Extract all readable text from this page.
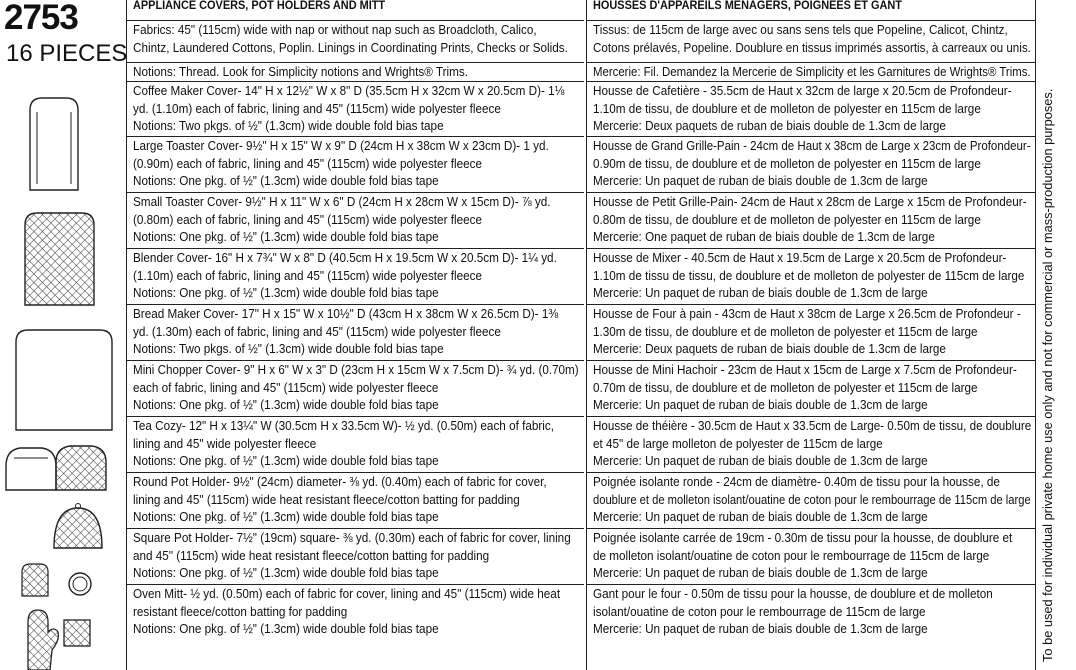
2753
16 PIECES
APPLIANCE COVERS, POT HOLDERS AND MITT
Fabrics: 45" (115cm) wide with nap or without nap such as Broadcloth, Calico,
Chintz, Laundered Cottons, Poplin. Linings in Coordinating Prints, Checks or Solids.
Notions: Thread. Look for Simplicity notions and Wrights® Trims.
Coffee Maker Cover- 14" H x 12½" W x 8" D (35.5cm H x 32cm W x 20.5cm D)- 1⅛
yd. (1.10m) each of fabric, lining and 45" (115cm) wide polyester fleece
Notions: Two pkgs. of ½" (1.3cm) wide double fold bias tape
Large Toaster Cover- 9½" H x 15" W x 9" D (24cm H x 38cm W x 23cm D)- 1 yd.
(0.90m) each of fabric, lining and 45" (115cm) wide polyester fleece
Notions: One pkg. of ½" (1.3cm) wide double fold bias tape
Small Toaster Cover- 9½" H x 11" W x 6" D (24cm H x 28cm W x 15cm D)- ⅞ yd.
(0.80m) each of fabric, lining and 45" (115cm) wide polyester fleece
Notions: One pkg. of ½" (1.3cm) wide double fold bias tape
Blender Cover- 16" H x 7¾" W x 8" D (40.5cm H x 19.5cm W x 20.5cm D)- 1¼ yd.
(1.10m) each of fabric, lining and 45" (115cm) wide polyester fleece
Notions: One pkg. of ½" (1.3cm) wide double fold bias tape
Bread Maker Cover- 17" H x 15" W x 10½" D (43cm H x 38cm W x 26.5cm D)- 1⅜
yd. (1.30m) each of fabric, lining and 45" (115cm) wide polyester fleece
Notions: Two pkgs. of ½" (1.3cm) wide double fold bias tape
Mini Chopper Cover- 9" H x 6" W x 3" D (23cm H x 15cm W x 7.5cm D)- ¾ yd. (0.70m)
each of fabric, lining and 45" (115cm) wide polyester fleece
Notions: One pkg. of ½" (1.3cm) wide double fold bias tape
Tea Cozy- 12" H x 13¼" W (30.5cm H x 33.5cm W)- ½ yd. (0.50m) each of fabric,
lining and 45" wide polyester fleece
Notions: One pkg. of ½" (1.3cm) wide double fold bias tape
Round Pot Holder- 9½" (24cm) diameter- ⅜ yd. (0.40m) each of fabric for cover,
lining and 45" (115cm) wide heat resistant fleece/cotton batting for padding
Notions: One pkg. of ½" (1.3cm) wide double fold bias tape
Square Pot Holder- 7½" (19cm) square- ⅜ yd. (0.30m) each of fabric for cover, lining
and 45" (115cm) wide heat resistant fleece/cotton batting for padding
Notions: One pkg. of ½" (1.3cm) wide double fold bias tape
Oven Mitt- ½ yd. (0.50m) each of fabric for cover, lining and 45" (115cm) wide heat
resistant fleece/cotton batting for padding
Notions: One pkg. of ½" (1.3cm) wide double fold bias tape
HOUSSES D'APPAREILS MENAGERS, POIGNEES ET GANT
Tissus: de 115cm de large avec ou sans sens tels que Popeline, Calicot, Chintz,
Cotons prélavés, Popeline. Doublure en tissus imprimés assortis, à carreaux ou unis.
Mercerie: Fil. Demandez la Mercerie de Simplicity et les Garnitures de Wrights® Trims.
Housse de Cafetière - 35.5cm de Haut x 32cm de large x 20.5cm de Profondeur-
1.10m de tissu, de doublure et de molleton de polyester en 115cm de large
Mercerie: Deux paquets de ruban de biais double de 1.3cm de large
Housse de Grand Grille-Pain - 24cm de Haut x 38cm de Large x 23cm de Profondeur-
0.90m de tissu, de doublure et de molleton de polyester en 115cm de large
Mercerie: Un paquet de ruban de biais double de 1.3cm de large
Housse de Petit Grille-Pain- 24cm de Haut x 28cm de Large x 15cm de Profondeur-
0.80m de tissu, de doublure et de molleton de polyester en 115cm de large
Mercerie: One paquet de ruban de biais double de 1.3cm de large
Housse de Mixer - 40.5cm de Haut x 19.5cm de Large x 20.5cm de Profondeur-
1.10m de tissu de tissu, de doublure et de molleton de polyester de 115cm de large
Mercerie: Un paquet de ruban de biais double de 1.3cm de large
Housse de Four à pain - 43cm de Haut x 38cm de Large x 26.5cm de Profondeur -
1.30m de tissu, de doublure et de molleton de polyester et 115cm de large
Mercerie: Deux paquets de ruban de biais double de 1.3cm de large
Housse de Mini Hachoir - 23cm de Haut x 15cm de Large x 7.5cm de Profondeur-
0.70m de tissu, de doublure et de molleton de polyester et 115cm de large
Mercerie: Un paquet de ruban de biais double de 1.3cm de large
Housse de théière - 30.5cm de Haut x 33.5cm de Large- 0.50m de tissu, de doublure
et 45" de large molleton de polyester de 115cm de large
Mercerie: Un paquet de ruban de biais double de 1.3cm de large
Poignée isolante ronde - 24cm de diamètre- 0.40m de tissu pour la housse, de
doublure et de molleton isolant/ouatine de coton pour le rembourrage de 115cm de large
Mercerie: Un paquet de ruban de biais double de 1.3cm de large
Poignée isolante carrée de 19cm - 0.30m de tissu pour la housse, de doublure et
de molleton isolant/ouatine de coton pour le rembourrage de 115cm de large
Mercerie: Un paquet de ruban de biais double de 1.3cm de large
Gant pour le four - 0.50m de tissu pour la housse, de doublure et de molleton
isolant/ouatine de coton pour le rembourrage de 115cm de large
Mercerie: Un paquet de ruban de biais double de 1.3cm de large	To be used for individual private home use only and not for commercial or mass-production purposes.
